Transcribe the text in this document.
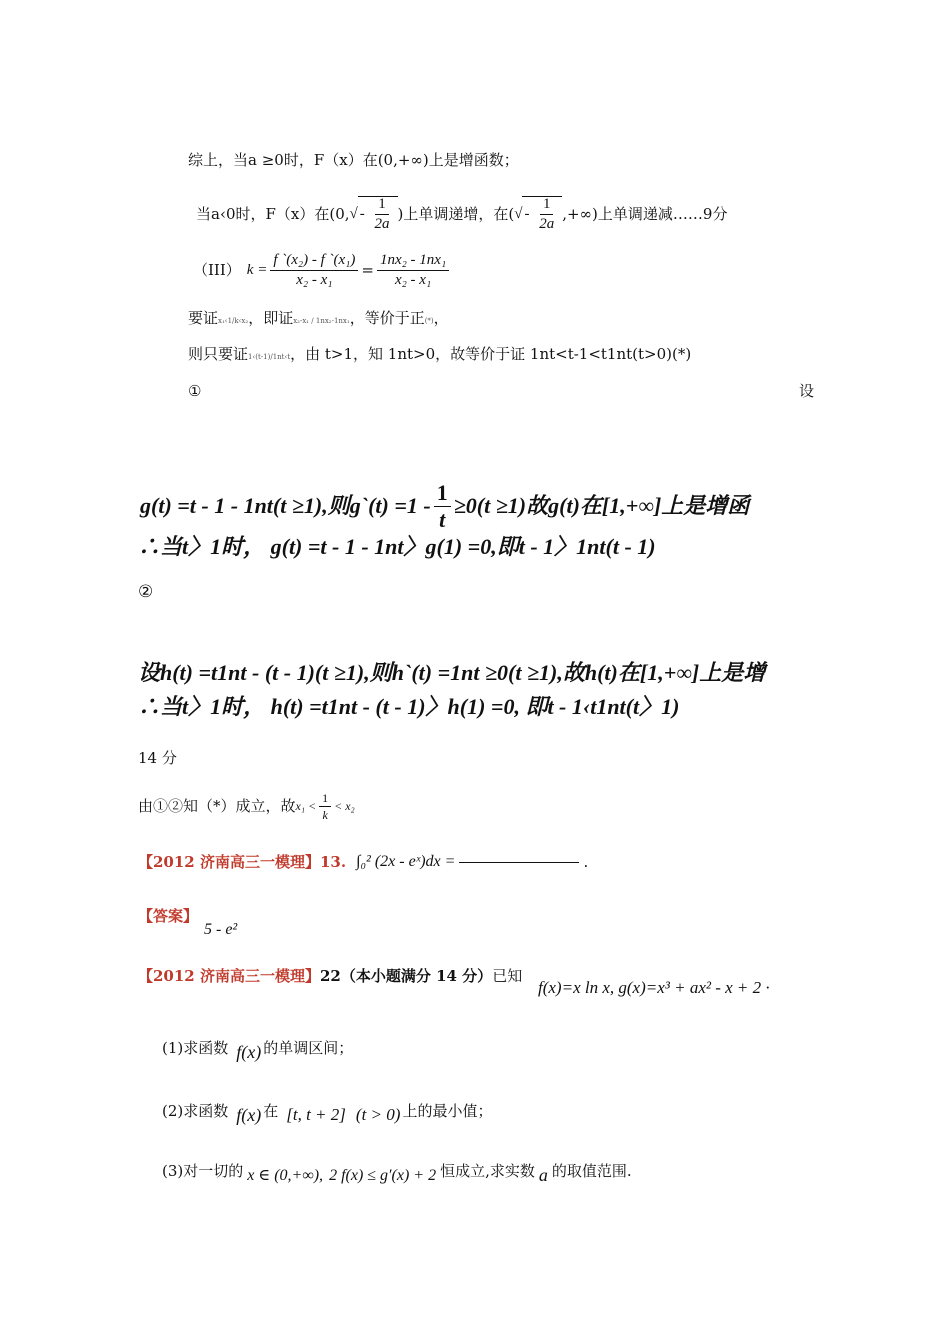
综上，当a ≥0时，F（x）在(0,+∞)上是增函数；
当a‹0时，F（x）在(0, √ - $\frac{1}{2a}$ )上单调递增，在( √ - $\frac{1}{2a}$ ,+∞)上单调递减……9分
（III） $k = \frac{\text{f `(x₂) - f `(x₁)}}{\text{x₂ - x₁}} = \frac{\text{1nx₂ - 1nx₁}}{\text{x₂ - x₁}}$
要证x₁‹1/k‹x₂，即证x₂-x₁ / 1nx₂-1nx₁，等价于正(*)，
则只要证1‹(t-1)/1nt‹t，由 t>1，知 1nt>0，故等价于证 1nt<t-1<t1nt(t>0)(*)
①	设
g(t) =t - 1 - 1nt(t ≥1),则g`(t) $=1 - \frac{1}{t} \ge 0(t \ge 1)$故g(t)在[1,+∞]上是增函
∴当t〉1时， g(t) =t - 1 - 1nt〉g(1) =0,即t - 1〉1nt(t - 1)
②
设h(t) =t1nt - (t - 1)(t ≥1),则h`(t) =1nt ≥0(t ≥1),故h(t)在[1,+∞]上是增
∴当t〉1时， h(t) =t1nt - (t - 1)〉h(1) =0, 即t - 1‹t1nt(t〉1)
14 分
由①②知（*）成立，故 $x_1 < \frac{1}{k} < x_2$
【2012 济南高三一模理】 13. ∫₀² (2x - eˣ)dx =	.
【答案】
5 - e²
【2012 济南高三一模理】 22（本小题满分 14 分） 已知
f(x)=x ln x, g(x)=x³ + ax² - x + 2 ·
(1)求函数 f(x) 的单调区间；
(2)求函数 f(x) 在 [t, t + 2] (t > 0) 上的最小值；
(3)对一切的 x ∈ (0,+∞), 2 f(x) ≤ g′(x) + 2 恒成立,求实数 a 的取值范围.
